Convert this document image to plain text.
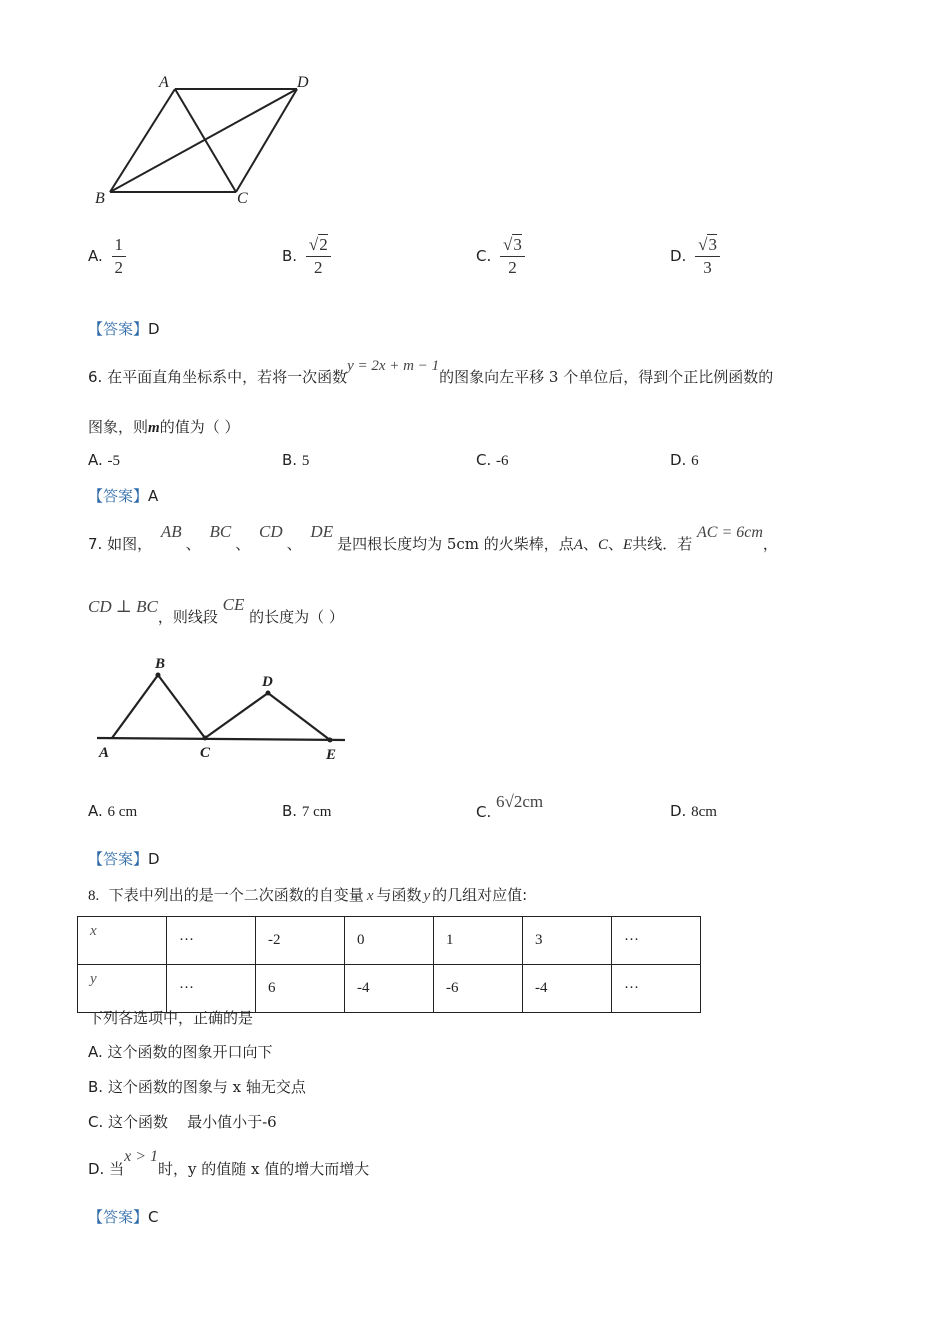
A	D
B	C
A. $\frac{1}{2}$	B. $\frac{√2}{2}$	C. $\frac{√3}{2}$	D. $\frac{√3}{3}$
【答案】D
6. 在平面直角坐标系中，若将一次函数y = 2x + m − 1的图象向左平移 3 个单位后，得到个正比例函数的
图象，则m的值为（ ）
A. -5	B. 5	C. -6	D. 6
【答案】A
7. 如图， AB、 BC、 CD、 DE是四根长度均为 5cm 的火柴棒，点A、C、E共线．若 AC = 6cm，
CD ⊥ BC，则线段 CE 的长度为（ ）
A
B
C
D
E
A. 6 cm	B. 7 cm	C. 6√2cm	D. 8cm
【答案】D
8. 下表中列出的是一个二次函数的自变量 x 与函数 y 的几组对应值:
x	···	-2	0	1	3	···
y	···	6	-4	-6	-4	···
下列各选项中，正确的是
A. 这个函数的图象开口向下
B. 这个函数的图象与 x 轴无交点
C. 这个函数    最小值小于-6
D. 当x > 1时，y 的值随 x 值的增大而增大
【答案】C
